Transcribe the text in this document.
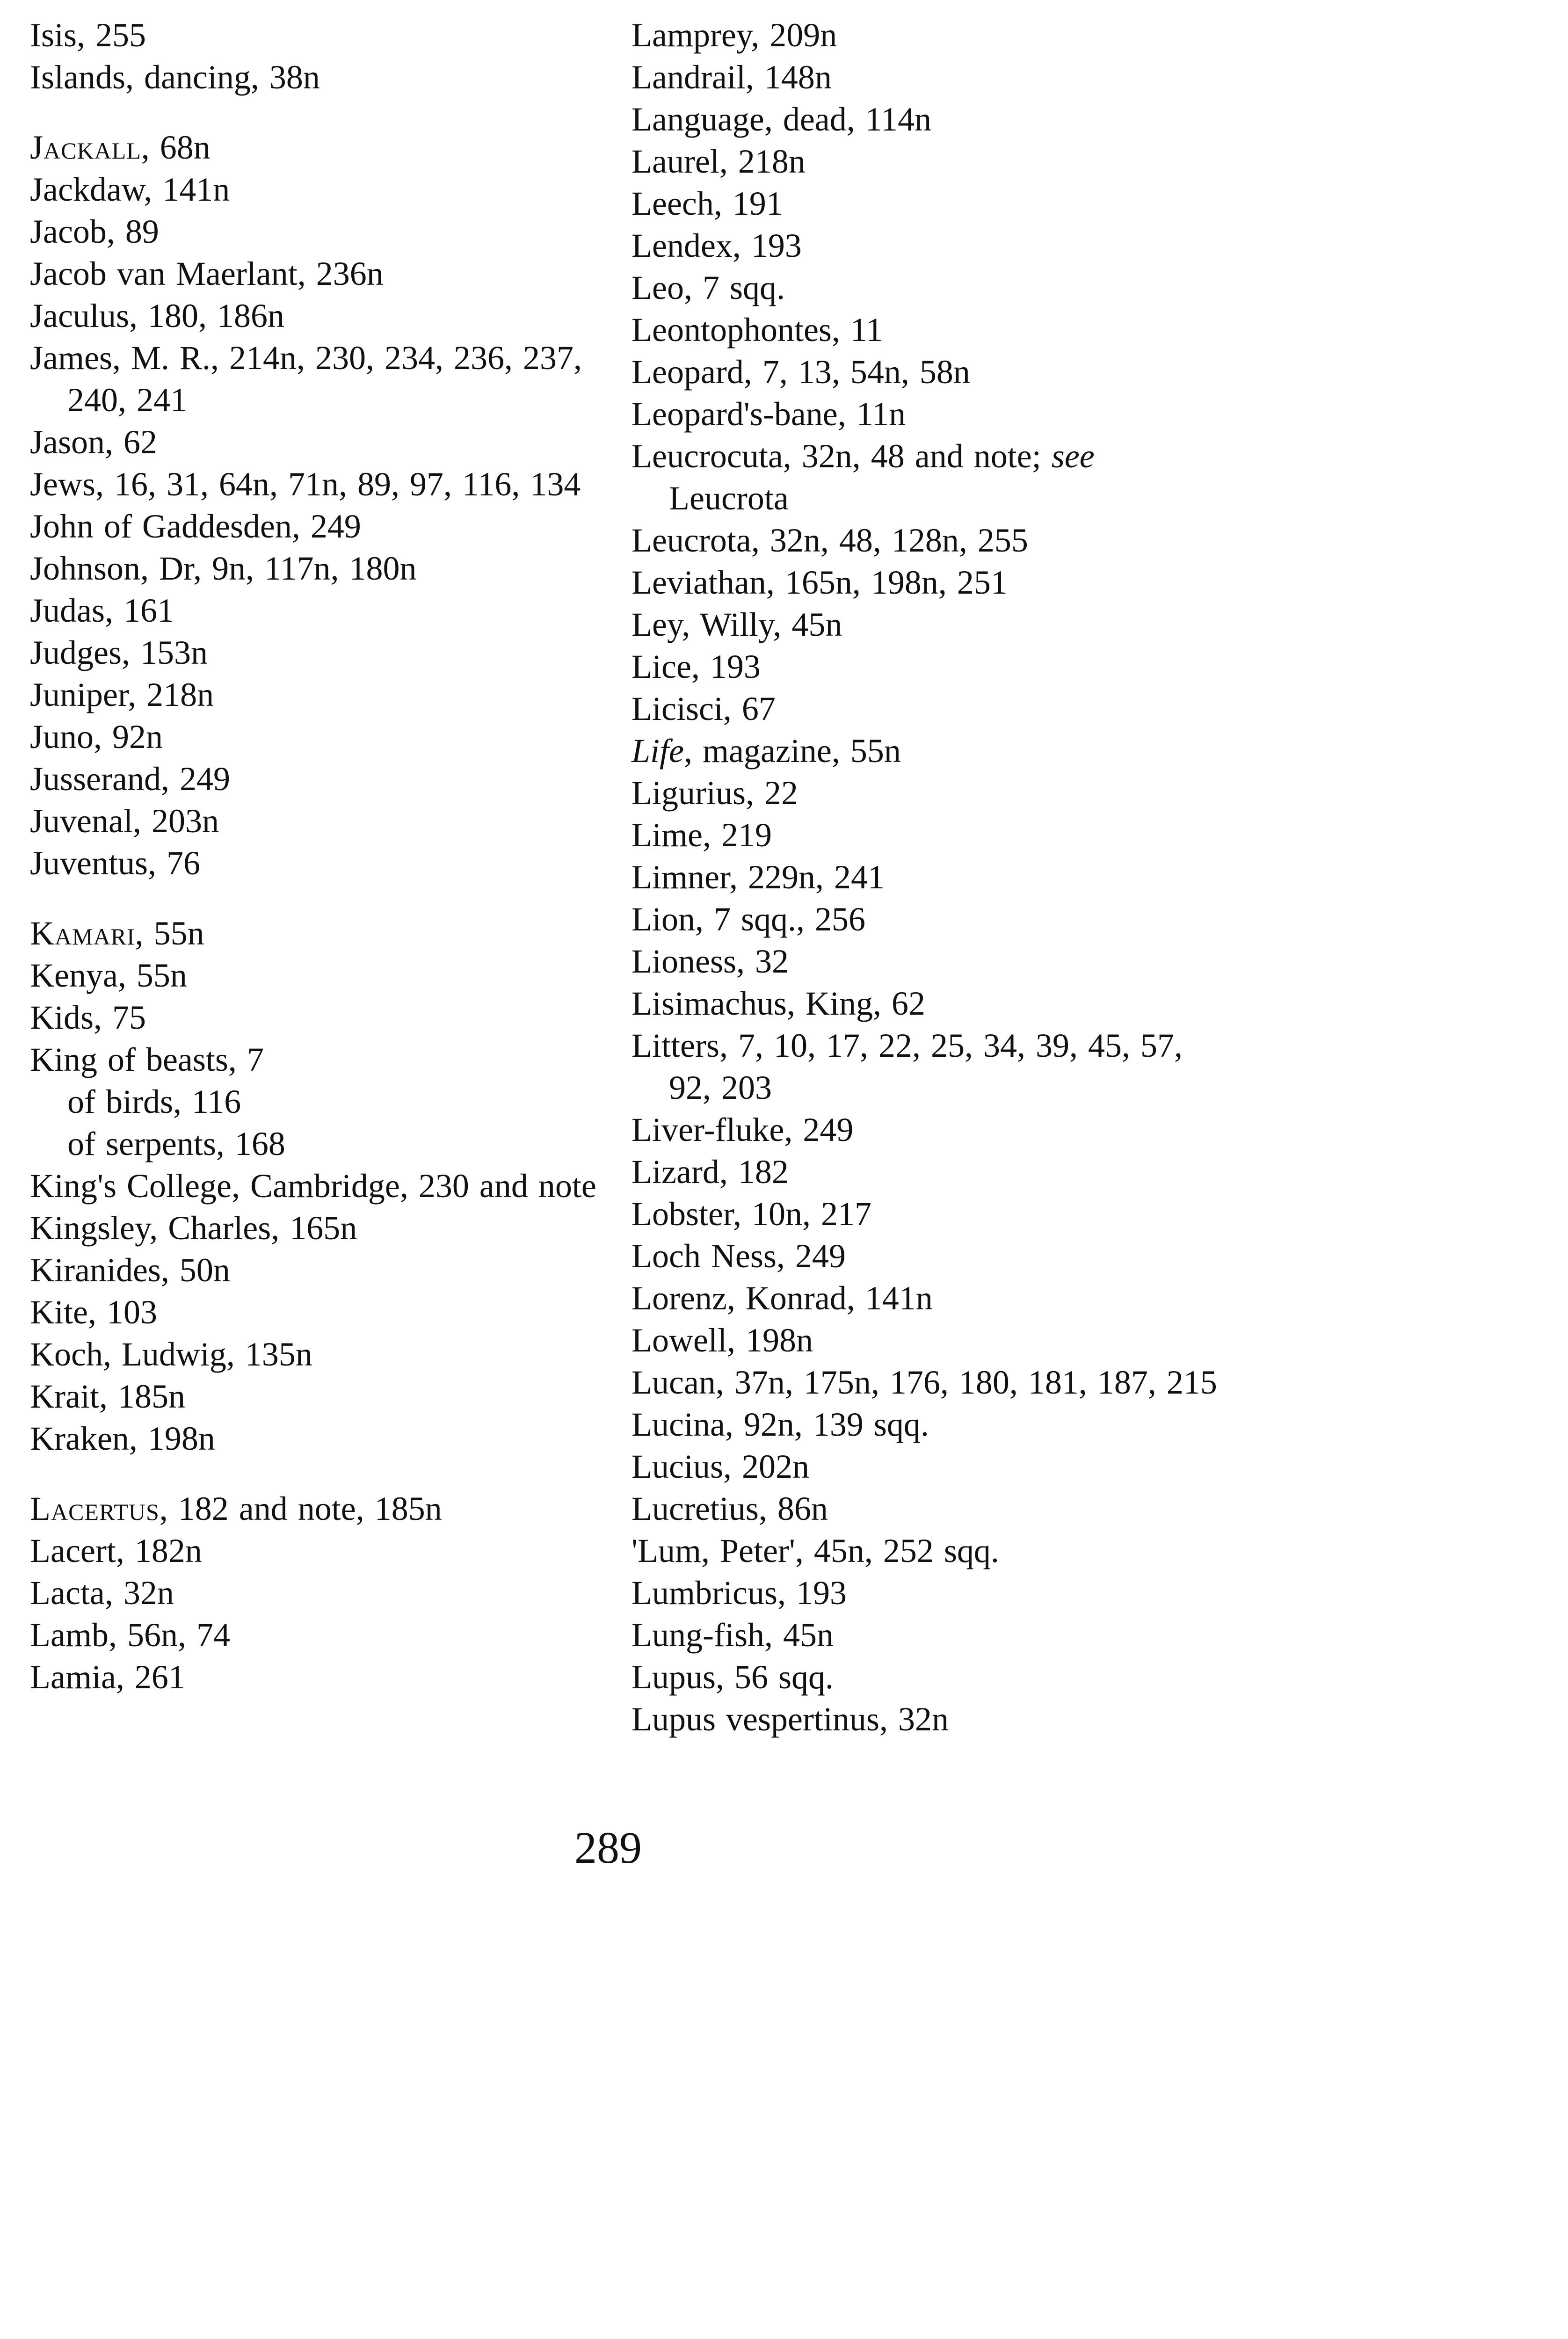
Isis, 255

Islands, dancing, 38n

Jackall, 68n

Jackdaw, 141n

Jacob, 89

Jacob van Maerlant, 236n

Jaculus, 180, 186n

James, M. R., 214n, 230, 234, 236, 237, 240, 241

Jason, 62

Jews, 16, 31, 64n, 71n, 89, 97, 116, 134

John of Gaddesden, 249

Johnson, Dr, 9n, 117n, 180n

Judas, 161

Judges, 153n

Juniper, 218n

Juno, 92n

Jusserand, 249

Juvenal, 203n

Juventus, 76

Kamari, 55n

Kenya, 55n

Kids, 75

King of beasts, 7

of birds, 116

of serpents, 168

King's College, Cambridge, 230 and note

Kingsley, Charles, 165n

Kiranides, 50n

Kite, 103

Koch, Ludwig, 135n

Krait, 185n

Kraken, 198n

Lacertus, 182 and note, 185n

Lacert, 182n

Lacta, 32n

Lamb, 56n, 74

Lamia, 261

Lamprey, 209n

Landrail, 148n

Language, dead, 114n

Laurel, 218n

Leech, 191

Lendex, 193

Leo, 7 sqq.

Leontophontes, 11

Leopard, 7, 13, 54n, 58n

Leopard's-bane, 11n

Leucrocuta, 32n, 48 and note; see Leucrota

Leucrota, 32n, 48, 128n, 255

Leviathan, 165n, 198n, 251

Ley, Willy, 45n

Lice, 193

Licisci, 67

Life, magazine, 55n

Ligurius, 22

Lime, 219

Limner, 229n, 241

Lion, 7 sqq., 256

Lioness, 32

Lisimachus, King, 62

Litters, 7, 10, 17, 22, 25, 34, 39, 45, 57, 92, 203

Liver-fluke, 249

Lizard, 182

Lobster, 10n, 217

Loch Ness, 249

Lorenz, Konrad, 141n

Lowell, 198n

Lucan, 37n, 175n, 176, 180, 181, 187, 215

Lucina, 92n, 139 sqq.

Lucius, 202n

Lucretius, 86n

'Lum, Peter', 45n, 252 sqq.

Lumbricus, 193

Lung-fish, 45n

Lupus, 56 sqq.

Lupus vespertinus, 32n

289
